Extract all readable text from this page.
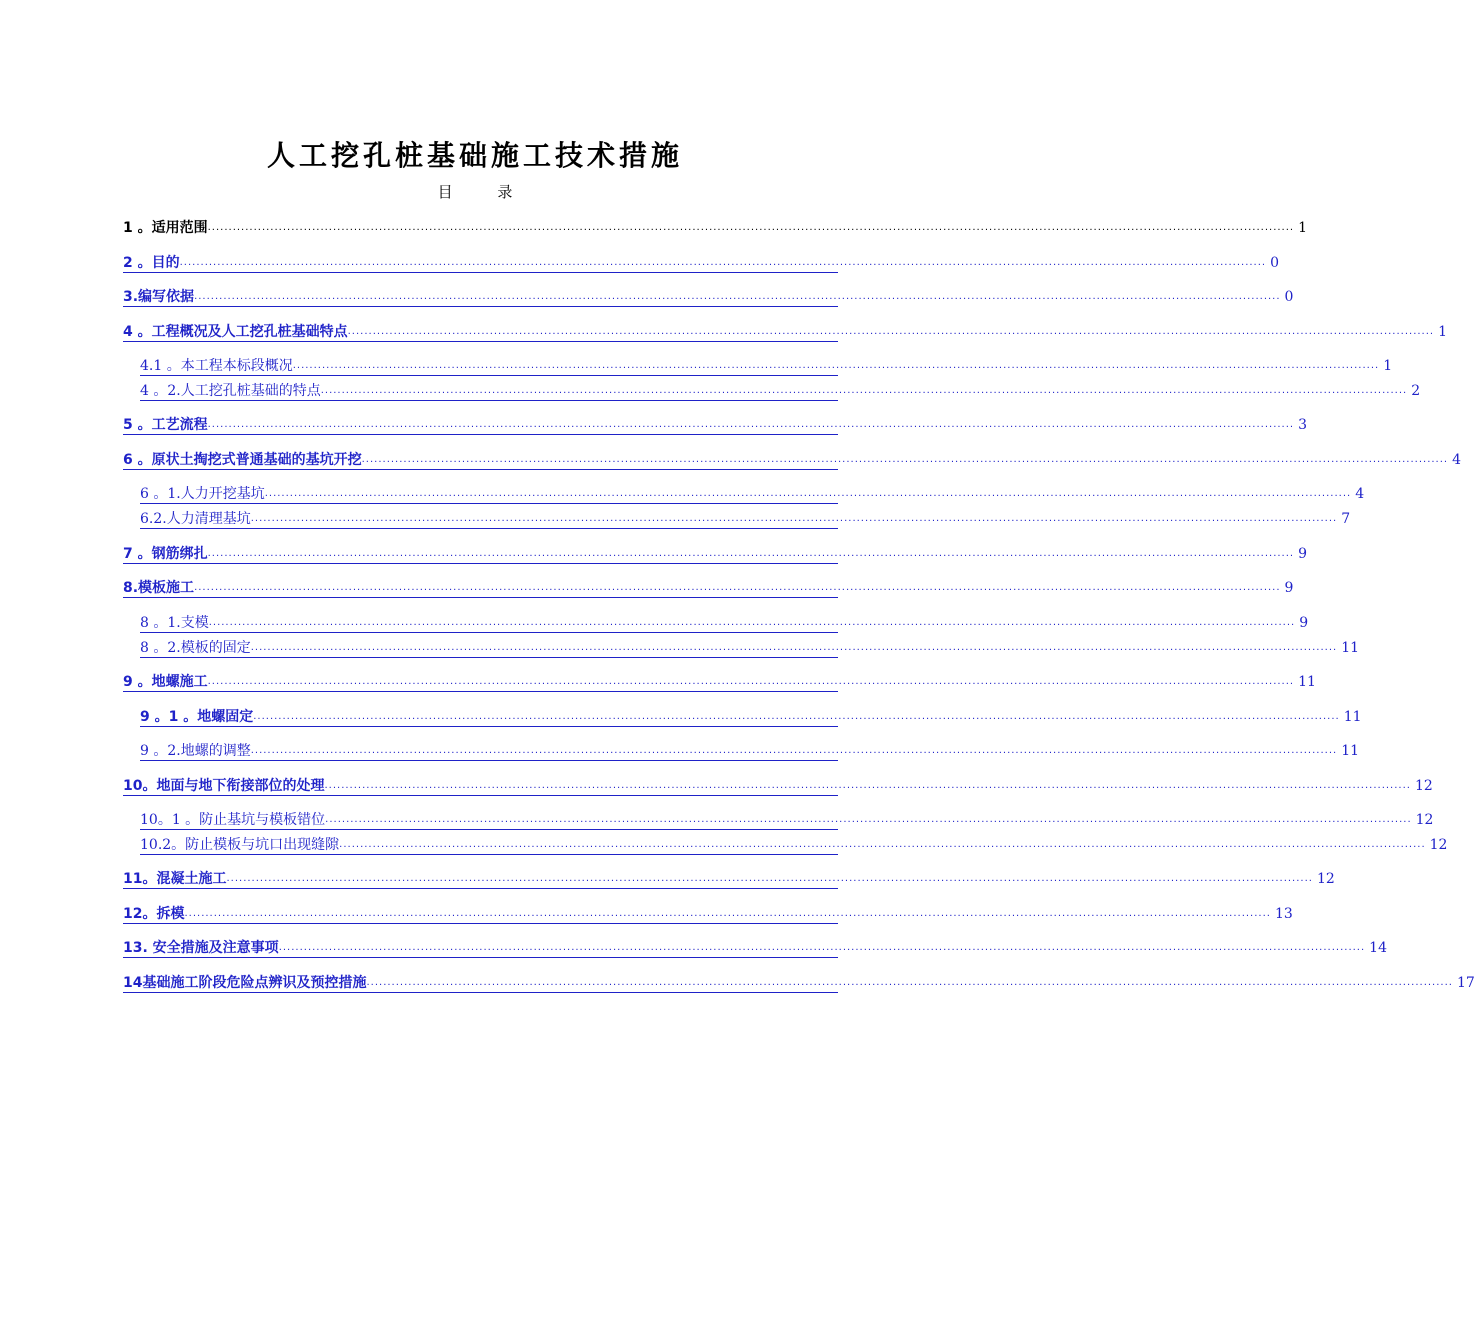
人工挖孔桩基础施工技术措施
目 录
1 。适用范围 .................................................................................................................................................................................................................................................................... 1
2 。目的 .................................................................................................................................................................................................................................................................... 0
3.编写依据 .................................................................................................................................................................................................................................................................... 0
4 。工程概况及人工挖孔桩基础特点 .................................................................................................................................................................................................................................................................... 1
4.1 。本工程本标段概况 .................................................................................................................................................................................................................................................................... 1
4 。2.人工挖孔桩基础的特点 .................................................................................................................................................................................................................................................................... 2
5 。工艺流程 .................................................................................................................................................................................................................................................................... 3
6 。原状土掏挖式普通基础的基坑开挖 .................................................................................................................................................................................................................................................................... 4
6 。1.人力开挖基坑 .................................................................................................................................................................................................................................................................... 4
6.2.人力清理基坑 .................................................................................................................................................................................................................................................................... 7
7 。钢筋绑扎 .................................................................................................................................................................................................................................................................... 9
8.模板施工 .................................................................................................................................................................................................................................................................... 9
8 。1.支模 .................................................................................................................................................................................................................................................................... 9
8 。2.模板的固定 .................................................................................................................................................................................................................................................................... 11
9 。地螺施工 .................................................................................................................................................................................................................................................................... 11
9 。1 。地螺固定 .................................................................................................................................................................................................................................................................... 11
9 。2.地螺的调整 .................................................................................................................................................................................................................................................................... 11
10。地面与地下衔接部位的处理 .................................................................................................................................................................................................................................................................... 12
10。1 。防止基坑与模板错位 .................................................................................................................................................................................................................................................................... 12
10.2。防止模板与坑口出现缝隙 .................................................................................................................................................................................................................................................................... 12
11。混凝土施工 .................................................................................................................................................................................................................................................................... 12
12。拆模 .................................................................................................................................................................................................................................................................... 13
13. 安全措施及注意事项 .................................................................................................................................................................................................................................................................... 14
14基础施工阶段危险点辨识及预控措施 .................................................................................................................................................................................................................................................................... 17
